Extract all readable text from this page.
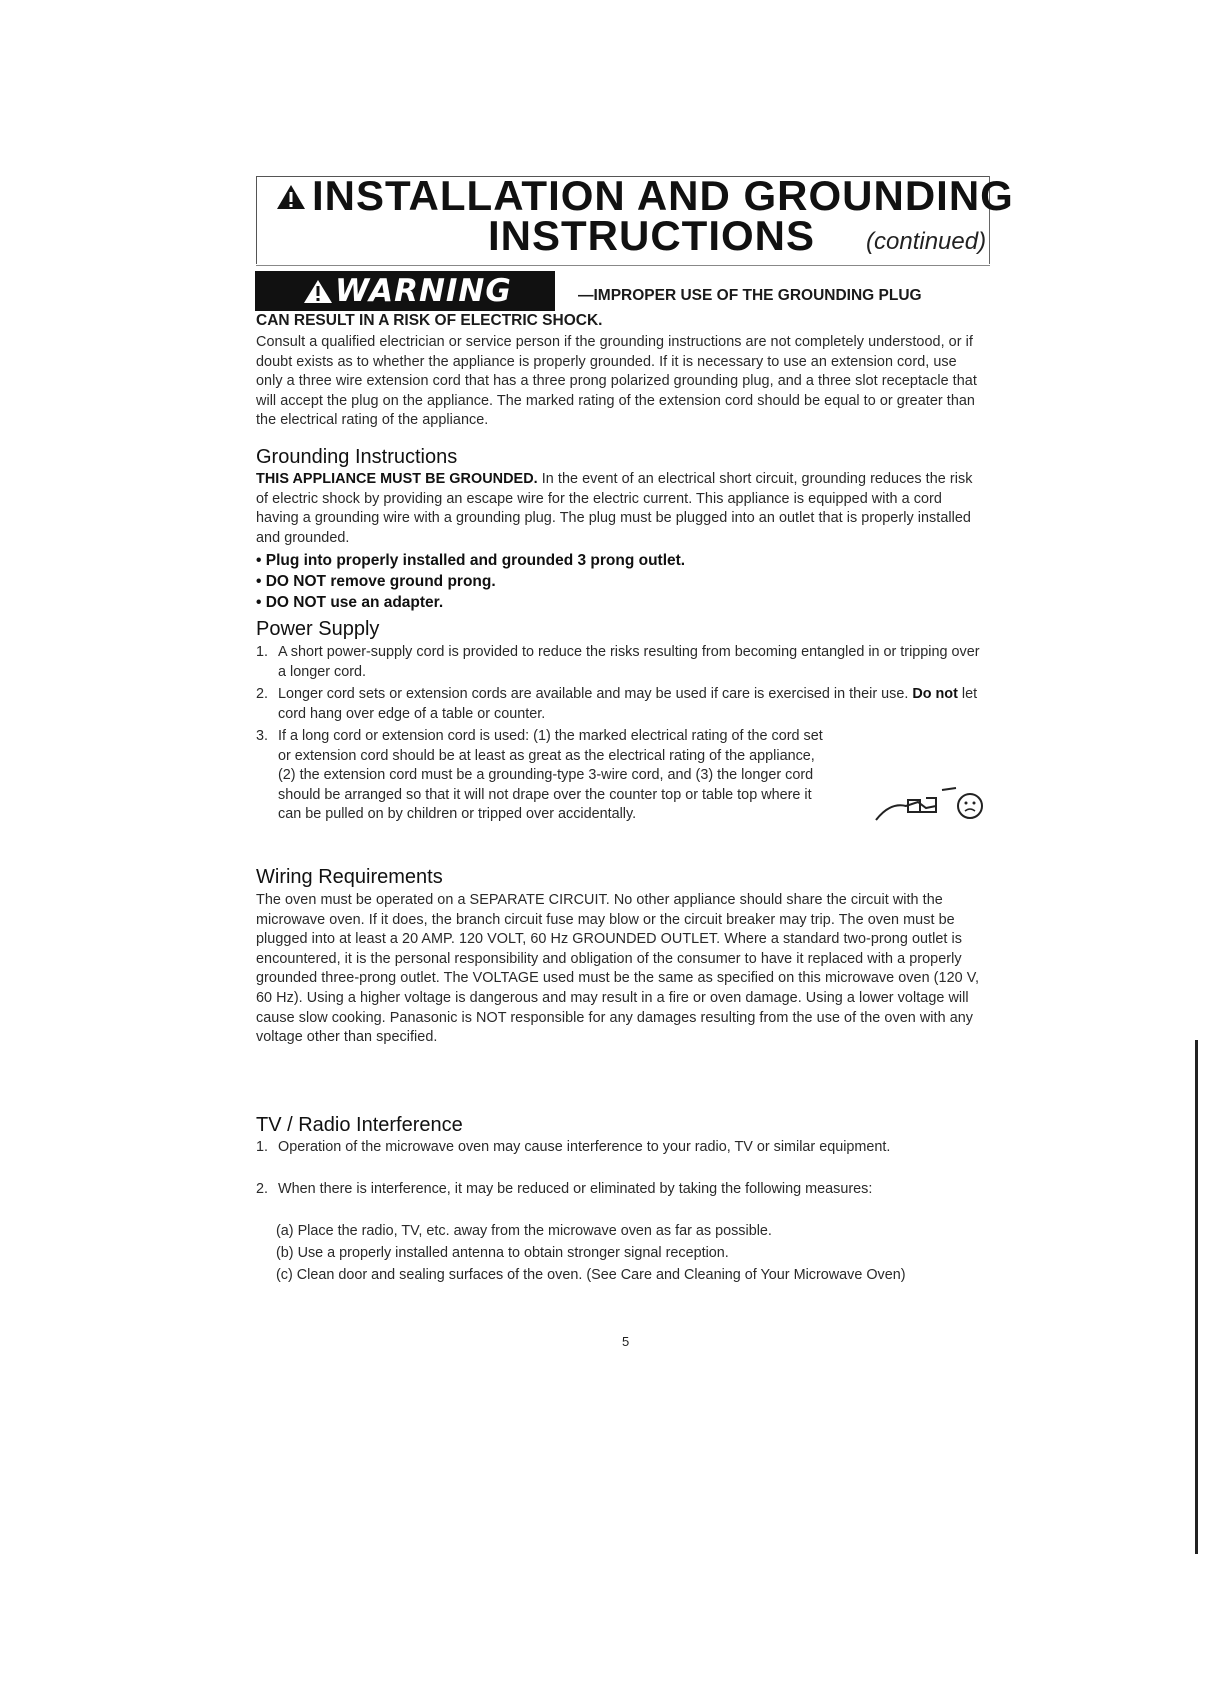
INSTALLATION AND GROUNDING
INSTRUCTIONS (continued)
WARNING	—IMPROPER USE OF THE GROUNDING PLUG
CAN RESULT IN A RISK OF ELECTRIC SHOCK.
Consult a qualified electrician or service person if the grounding instructions are not completely understood, or if doubt exists as to whether the appliance is properly grounded. If it is necessary to use an extension cord, use only a three wire extension cord that has a three prong polarized grounding plug, and a three slot receptacle that will accept the plug on the appliance. The marked rating of the extension cord should be equal to or greater than the electrical rating of the appliance.
Grounding Instructions
THIS APPLIANCE MUST BE GROUNDED. In the event of an electrical short circuit, grounding reduces the risk of electric shock by providing an escape wire for the electric current. This appliance is equipped with a cord having a grounding wire with a grounding plug. The plug must be plugged into an outlet that is properly installed and grounded.
• Plug into properly installed and grounded 3 prong outlet.
• DO NOT remove ground prong.
• DO NOT use an adapter.
Power Supply
1. A short power-supply cord is provided to reduce the risks resulting from becoming entangled in or tripping over a longer cord.
2. Longer cord sets or extension cords are available and may be used if care is exercised in their use. Do not let cord hang over edge of a table or counter.
3. If a long cord or extension cord is used: (1) the marked electrical rating of the cord set or extension cord should be at least as great as the electrical rating of the appliance, (2) the extension cord must be a grounding-type 3-wire cord, and (3) the longer cord should be arranged so that it will not drape over the counter top or table top where it can be pulled on by children or tripped over accidentally.
Wiring Requirements
The oven must be operated on a SEPARATE CIRCUIT. No other appliance should share the circuit with the microwave oven. If it does, the branch circuit fuse may blow or the circuit breaker may trip. The oven must be plugged into at least a 20 AMP. 120 VOLT, 60 Hz GROUNDED OUTLET. Where a standard two-prong outlet is encountered, it is the personal responsibility and obligation of the consumer to have it replaced with a properly grounded three-prong outlet. The VOLTAGE used must be the same as specified on this microwave oven (120 V, 60 Hz). Using a higher voltage is dangerous and may result in a fire or oven damage. Using a lower voltage will cause slow cooking. Panasonic is NOT responsible for any damages resulting from the use of the oven with any voltage other than specified.
TV / Radio Interference
1. Operation of the microwave oven may cause interference to your radio, TV or similar equipment.
2. When there is interference, it may be reduced or eliminated by taking the following measures:
(a) Place the radio, TV, etc. away from the microwave oven as far as possible.
(b) Use a properly installed antenna to obtain stronger signal reception.
(c) Clean door and sealing surfaces of the oven. (See Care and Cleaning of Your Microwave Oven)
5
